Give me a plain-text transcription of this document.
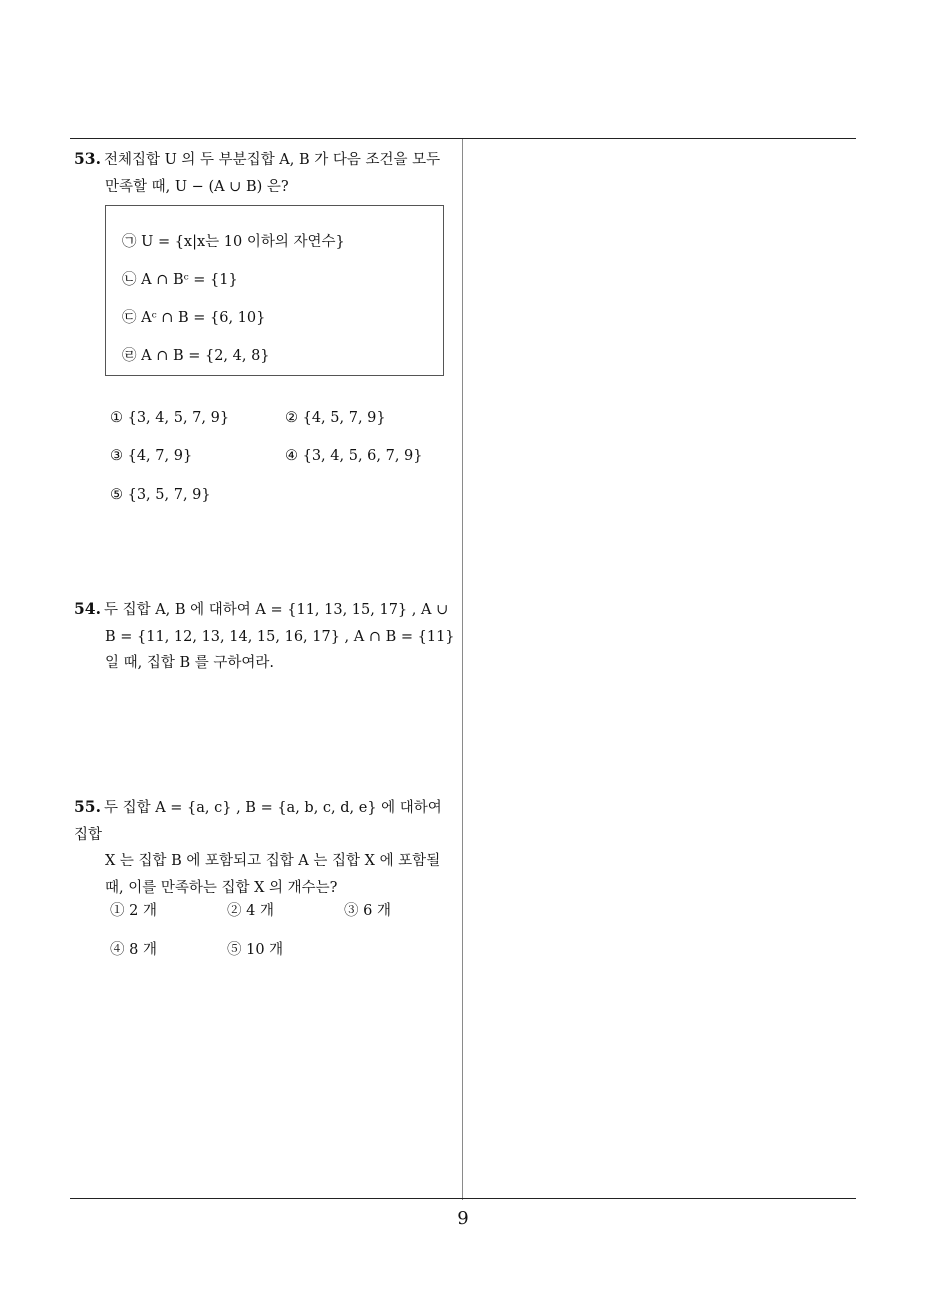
53. 전체집합 U 의 두 부분집합 A, B 가 다음 조건을 모두
만족할 때, U − (A ∪ B) 은?
㉠ U = {x|x는 10 이하의 자연수}
㉡ A ∩ Bᶜ = {1}
㉢ Aᶜ ∩ B = {6, 10}
㉣ A ∩ B = {2, 4, 8}
① {3, 4, 5, 7, 9}	② {4, 5, 7, 9}
③ {4, 7, 9}	④ {3, 4, 5, 6, 7, 9}
⑤ {3, 5, 7, 9}
54. 두 집합 A, B 에 대하여 A = {11, 13, 15, 17} , A ∪
B = {11, 12, 13, 14, 15, 16, 17} , A ∩ B = {11}
일 때, 집합 B 를 구하여라.
55. 두 집합 A = {a, c} , B = {a, b, c, d, e} 에 대하여 집합
X 는 집합 B 에 포함되고 집합 A 는 집합 X 에 포함될
때, 이를 만족하는 집합 X 의 개수는?
① 2 개	② 4 개	③ 6 개
④ 8 개	⑤ 10 개
9
